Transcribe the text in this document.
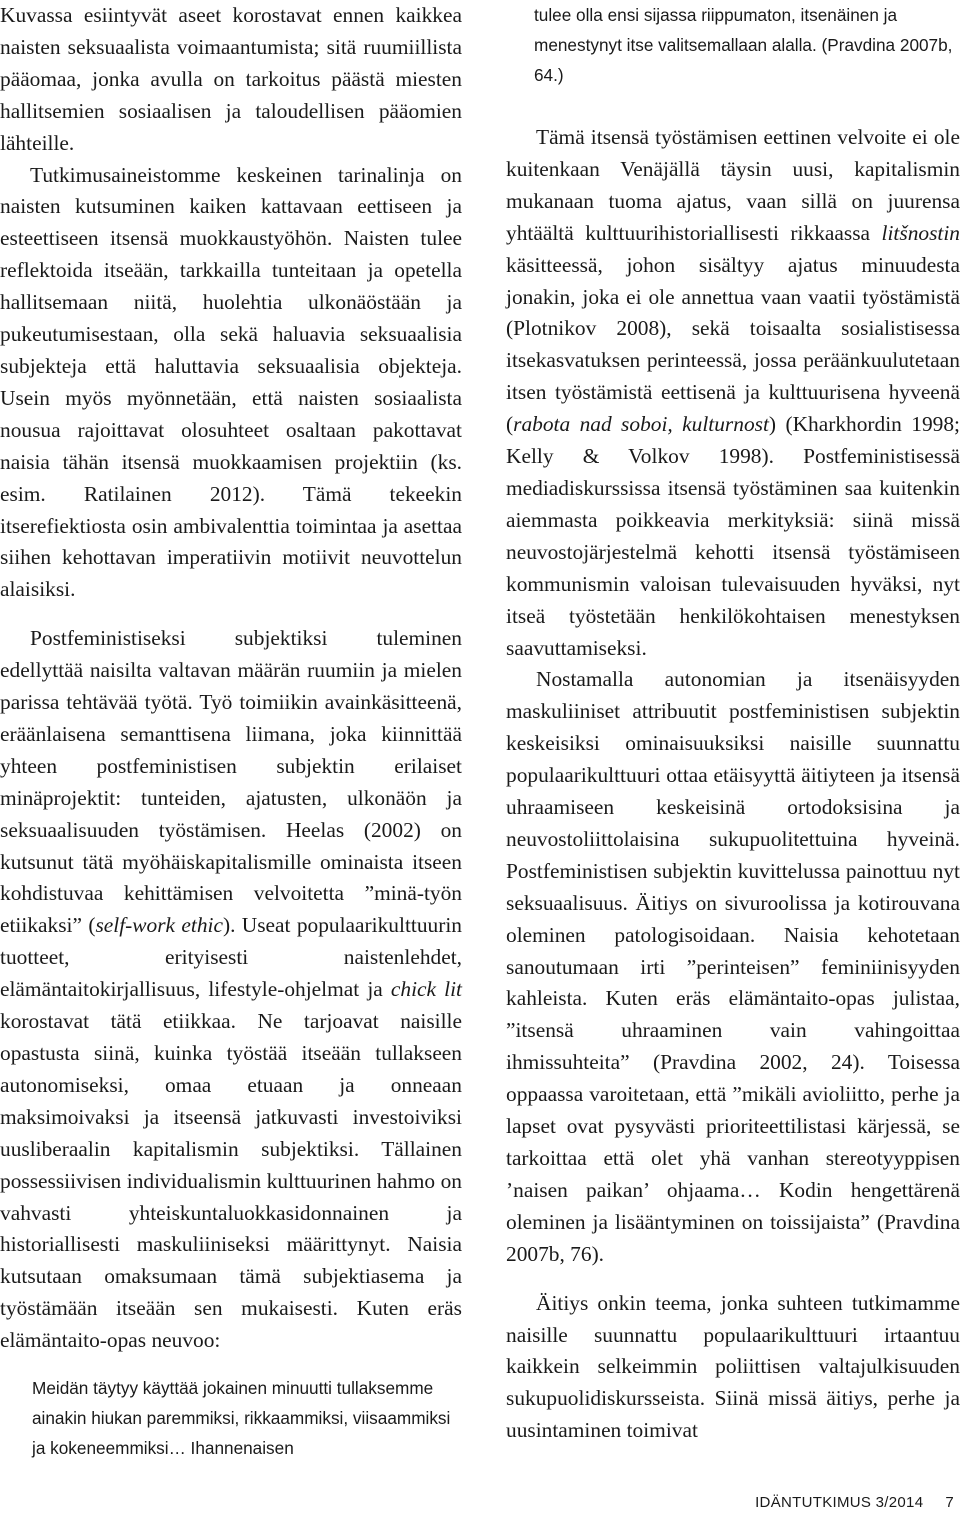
Kuvassa esiintyvät aseet korostavat ennen kaikkea naisten seksuaalista voimaantumista; sitä ruumiillista pääomaa, jonka avulla on tarkoitus päästä miesten hallitsemien sosiaalisen ja taloudellisen pääomien lähteille.

Tutkimusaineistomme keskeinen tarinalinja on naisten kutsuminen kaiken kattavaan eettiseen ja esteettiseen itsensä muokkaustyöhön. Naisten tulee reflektoida itseään, tarkkailla tunteitaan ja opetella hallitsemaan niitä, huolehtia ulkonäöstään ja pukeutumisestaan, olla sekä haluavia seksuaalisia subjekteja että haluttavia seksuaalisia objekteja. Usein myös myönnetään, että naisten sosiaalista nousua rajoittavat olosuhteet osaltaan pakottavat naisia tähän itsensä muokkaamisen projektiin (ks. esim. Ratilainen 2012). Tämä tekeekin itserefiektiosta osin ambivalenttia toimintaa ja asettaa siihen kehottavan imperatiivin motiivit neuvottelun alaisiksi.

Postfeministiseksi subjektiksi tuleminen edellyttää naisilta valtavan määrän ruumiin ja mielen parissa tehtävää työtä. Työ toimiikin avainkäsitteenä, eräänlaisena semanttisena liimana, joka kiinnittää yhteen postfeministisen subjektin erilaiset minäprojektit: tunteiden, ajatusten, ulkonäön ja seksuaalisuuden työstämisen. Heelas (2002) on kutsunut tätä myöhäiskapitalismille ominaista itseen kohdistuvaa kehittämisen velvoitetta ”minä-työn etiikaksi” (self-work ethic). Useat populaarikulttuurin tuotteet, erityisesti naistenlehdet, elämäntaitokirjallisuus, lifestyle-ohjelmat ja chick lit korostavat tätä etiikkaa. Ne tarjoavat naisille opastusta siinä, kuinka työstää itseään tullakseen autonomiseksi, omaa etuaan ja onneaan maksimoivaksi ja itseensä jatkuvasti investoiviksi uusliberaalin kapitalismin subjektiksi. Tällainen possessiivisen individualismin kulttuurinen hahmo on vahvasti yhteiskuntaluokkasidonnainen ja historiallisesti maskuliiniseksi määrittynyt. Naisia kutsutaan omaksumaan tämä subjektiasema ja työstämään itseään sen mukaisesti. Kuten eräs elämäntaito-opas neuvoo:

Meidän täytyy käyttää jokainen minuutti tullaksemme ainakin hiukan paremmiksi, rikkaammiksi, viisaammiksi ja kokeneemmiksi… Ihannenaisen

tulee olla ensi sijassa riippumaton, itsenäinen ja menestynyt itse valitsemallaan alalla. (Pravdina 2007b, 64.)

Tämä itsensä työstämisen eettinen velvoite ei ole kuitenkaan Venäjällä täysin uusi, kapitalismin mukanaan tuoma ajatus, vaan sillä on juurensa yhtäältä kulttuurihistoriallisesti rikkaassa litšnostin käsitteessä, johon sisältyy ajatus minuudesta jonakin, joka ei ole annettua vaan vaatii työstämistä (Plotnikov 2008), sekä toisaalta sosialistisessa itsekasvatuksen perinteessä, jossa peräänkuulutetaan itsen työstämistä eettisenä ja kulttuurisena hyveenä (rabota nad soboi, kulturnost) (Kharkhordin 1998; Kelly & Volkov 1998). Postfeministisessä mediadiskurssissa itsensä työstäminen saa kuitenkin aiemmasta poikkeavia merkityksiä: siinä missä neuvostojärjestelmä kehotti itsensä työstämiseen kommunismin valoisan tulevaisuuden hyväksi, nyt itseä työstetään henkilökohtaisen menestyksen saavuttamiseksi.

Nostamalla autonomian ja itsenäisyyden maskuliiniset attribuutit postfeministisen subjektin keskeisiksi ominaisuuksiksi naisille suunnattu populaarikulttuuri ottaa etäisyyttä äitiyteen ja itsensä uhraamiseen keskeisinä ortodoksisina ja neuvostoliittolaisina sukupuolitettuina hyveinä. Postfeministisen subjektin kuvittelussa painottuu nyt seksuaalisuus. Äitiys on sivuroolissa ja kotirouvana oleminen patologisoidaan. Naisia kehotetaan sanoutumaan irti ”perinteisen” feminiinisyyden kahleista. Kuten eräs elämäntaito-opas julistaa, ”itsensä uhraaminen vain vahingoittaa ihmissuhteita” (Pravdina 2002, 24). Toisessa oppaassa varoitetaan, että ”mikäli avioliitto, perhe ja lapset ovat pysyvästi prioriteettilistasi kärjessä, se tarkoittaa että olet yhä vanhan stereotyyppisen ’naisen paikan’ ohjaama… Kodin hengettärenä oleminen ja lisääntyminen on toissijaista” (Pravdina 2007b, 76).

Äitiys onkin teema, jonka suhteen tutkimamme naisille suunnattu populaarikulttuuri irtaantuu kaikkein selkeimmin poliittisen valtajulkisuuden sukupuolidiskursseista. Siinä missä äitiys, perhe ja uusintaminen toimivat

IDÄNTUTKIMUS 3/2014 7
